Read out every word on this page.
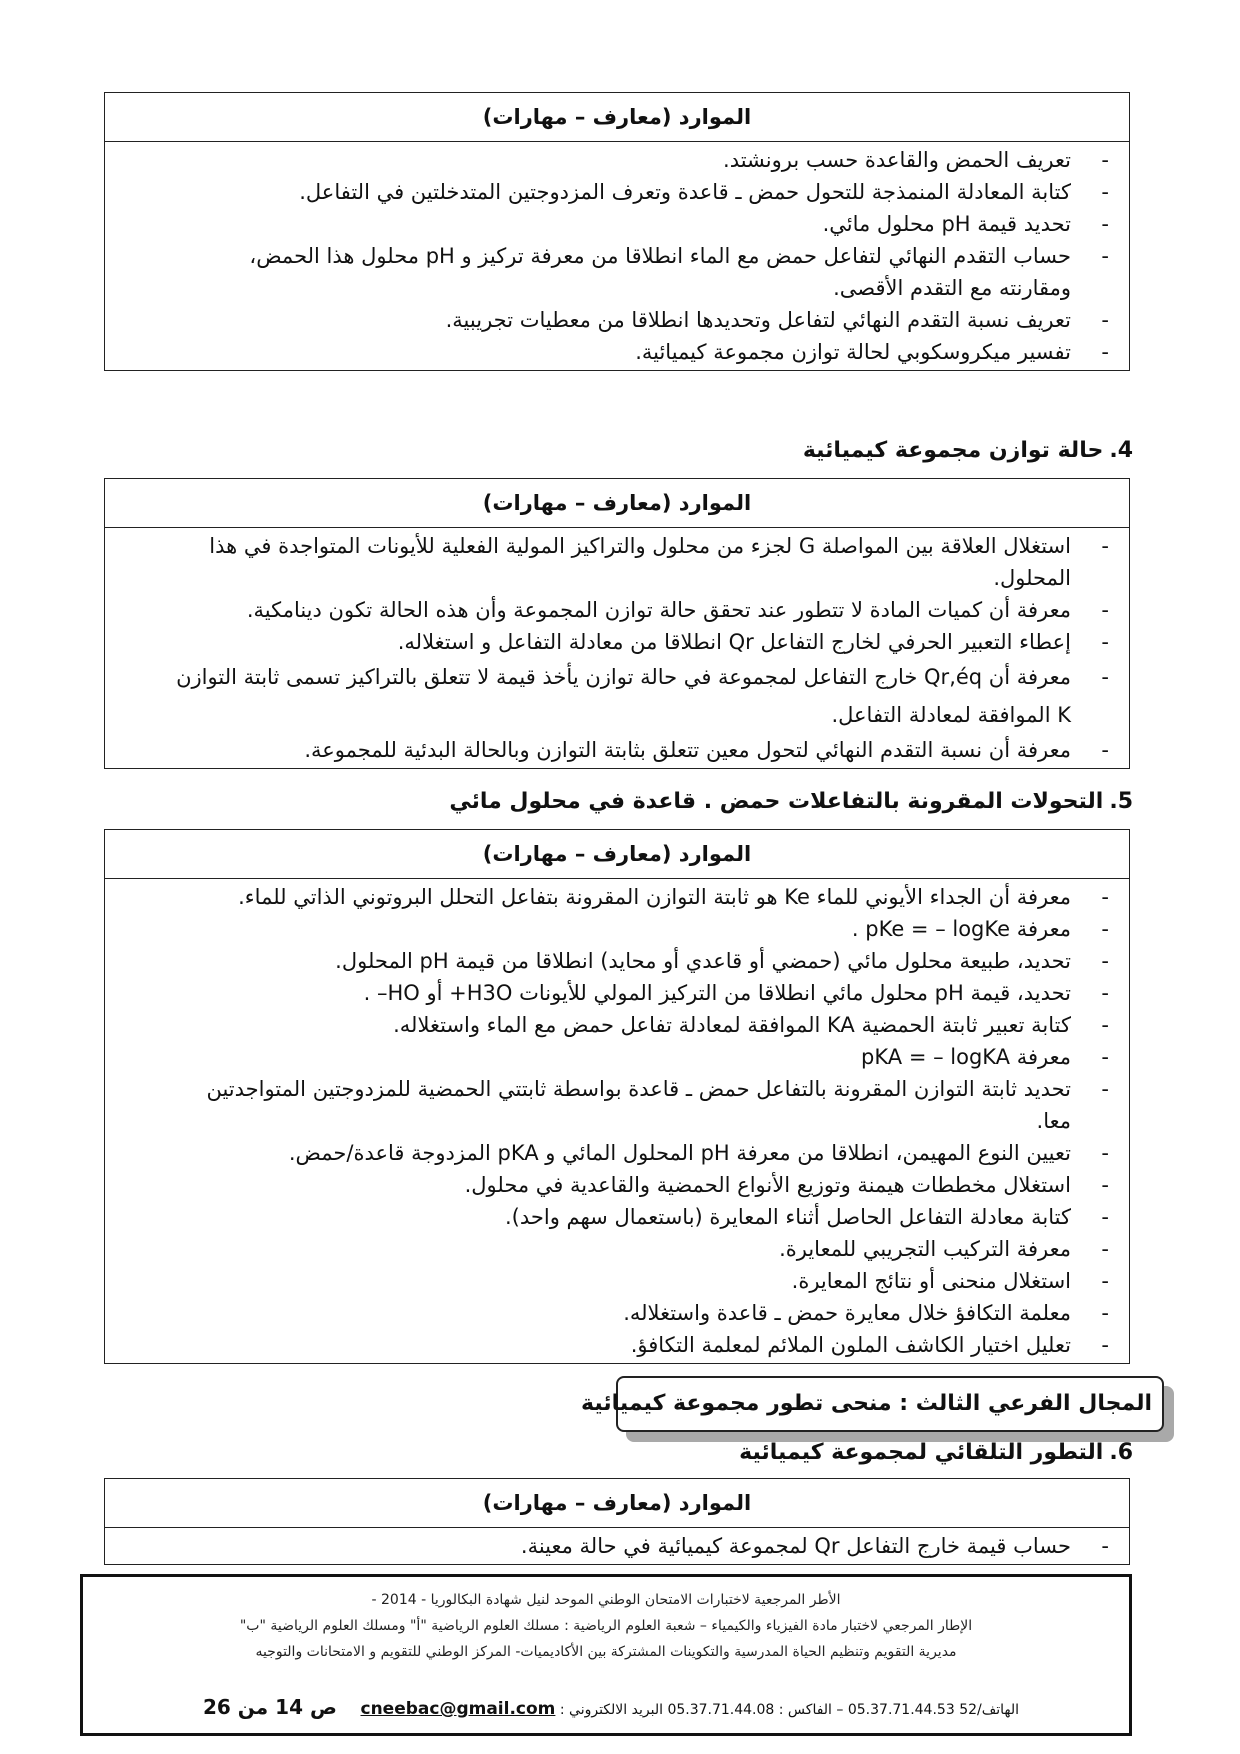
الموارد (معارف – مهارات)
- تعريف الحمض والقاعدة حسب برونشتد.
- كتابة المعادلة المنمذجة للتحول حمض ـ قاعدة وتعرف المزدوجتين المتدخلتين في التفاعل.
- تحديد قيمة pH محلول مائي.
- حساب التقدم النهائي لتفاعل حمض مع الماء انطلاقا من معرفة تركيز و pH محلول هذا الحمض، ومقارنته مع التقدم الأقصى.
- تعريف نسبة التقدم النهائي لتفاعل وتحديدها انطلاقا من معطيات تجريبية.
- تفسير ميكروسكوبي لحالة توازن مجموعة كيميائية.
4.حالة توازن مجموعة كيميائية
الموارد (معارف – مهارات)
- استغلال العلاقة بين المواصلة G لجزء من محلول والتراكيز المولية الفعلية للأيونات المتواجدة في هذا المحلول.
- معرفة أن كميات المادة لا تتطور عند تحقق حالة توازن المجموعة وأن هذه الحالة تكون دينامكية.
- إعطاء التعبير الحرفي لخارج التفاعل Qr انطلاقا من معادلة التفاعل و استغلاله.
- معرفة أن Qr,éq خارج التفاعل لمجموعة في حالة توازن يأخذ قيمة لا تتعلق بالتراكيز تسمى ثابتة التوازن K الموافقة لمعادلة التفاعل.
- معرفة أن نسبة التقدم النهائي لتحول معين تتعلق بثابتة التوازن وبالحالة البدئية للمجموعة.
5.التحولات المقرونة بالتفاعلات حمض . قاعدة في محلول مائي
الموارد (معارف – مهارات)
- معرفة أن الجداء الأيوني للماء Ke هو ثابتة التوازن المقرونة بتفاعل التحلل البروتوني الذاتي للماء.
- معرفة pKe = – logKe .
- تحديد، طبيعة محلول مائي (حمضي أو قاعدي أو محايد) انطلاقا من قيمة pH المحلول.
- تحديد، قيمة pH محلول مائي انطلاقا من التركيز المولي للأيونات H3O+ أو HO– .
- كتابة تعبير ثابتة الحمضية KA الموافقة لمعادلة تفاعل حمض مع الماء واستغلاله.
- معرفة pKA = – logKA
- تحديد ثابتة التوازن المقرونة بالتفاعل حمض ـ قاعدة بواسطة ثابتتي الحمضية للمزدوجتين المتواجدتين معا.
- تعيين النوع المهيمن، انطلاقا من معرفة pH المحلول المائي و pKA المزدوجة قاعدة/حمض.
- استغلال مخططات هيمنة وتوزيع الأنواع الحمضية والقاعدية في محلول.
- كتابة معادلة التفاعل الحاصل أثناء المعايرة (باستعمال سهم واحد).
- معرفة التركيب التجريبي للمعايرة.
- استغلال منحنى أو نتائج المعايرة.
- معلمة التكافؤ خلال معايرة حمض ـ قاعدة واستغلاله.
- تعليل اختيار الكاشف الملون الملائم لمعلمة التكافؤ.
المجال الفرعي الثالث : منحى تطور مجموعة كيميائية
6.التطور التلقائي لمجموعة كيميائية
الموارد (معارف – مهارات)
- حساب قيمة خارج التفاعل Qr لمجموعة كيميائية في حالة معينة.
الأطر المرجعية لاختبارات الامتحان الوطني الموحد لنيل شهادة البكالوريا - 2014 -
الإطار المرجعي لاختبار مادة الفيزياء والكيمياء – شعبة العلوم الرياضية : مسلك العلوم الرياضية "أ" ومسلك العلوم الرياضية "ب"
مديرية التقويم وتنظيم الحياة المدرسية والتكوينات المشتركة بين الأكاديميات- المركز الوطني للتقويم و الامتحانات والتوجيه
الهاتف/52 05.37.71.44.53 – الفاكس : 05.37.71.44.08 البريد الالكتروني : cneebac@gmail.com
ص 14 من 26
